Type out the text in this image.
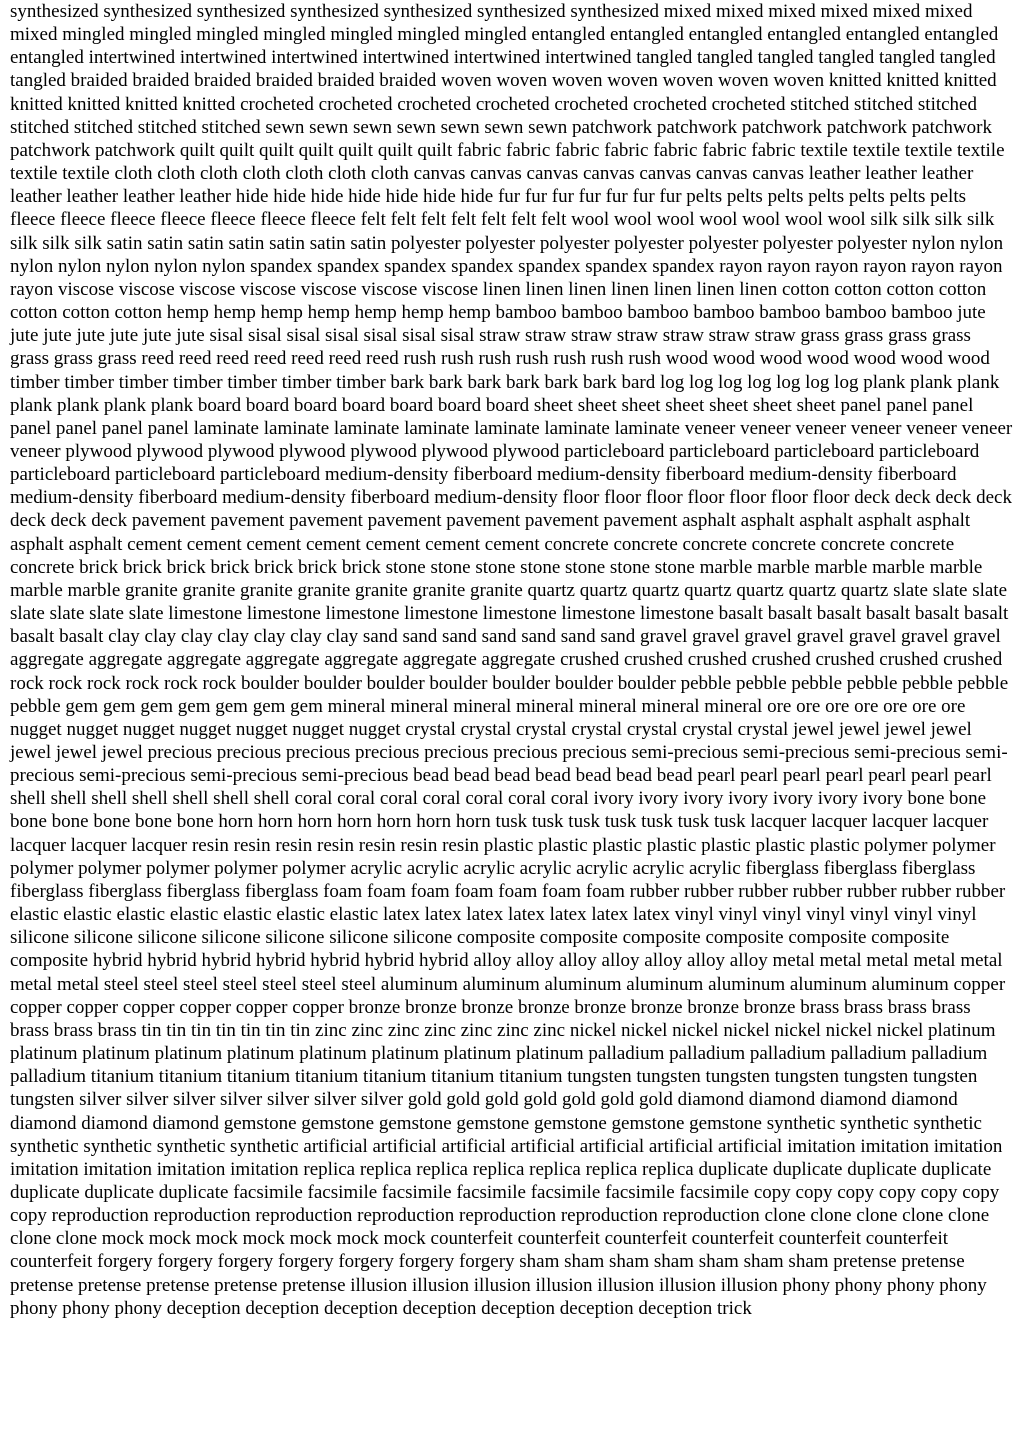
synthesized synthesized synthesized synthesized synthesized synthesized synthesized mixed mixed mixed mixed mixed mixed mixed mingled mingled mingled mingled mingled mingled mingled entangled entangled entangled entangled entangled entangled entangled intertwined intertwined intertwined intertwined intertwined intertwined tangled tangled tangled tangled tangled tangled tangled braided braided braided braided braided braided woven woven woven woven woven woven woven knitted knitted knitted knitted knitted knitted knitted crocheted crocheted crocheted crocheted crocheted crocheted crocheted stitched stitched stitched stitched stitched stitched stitched sewn sewn sewn sewn sewn sewn sewn patchwork patchwork patchwork patchwork patchwork patchwork patchwork quilt quilt quilt quilt quilt quilt quilt fabric fabric fabric fabric fabric fabric fabric textile textile textile textile textile textile cloth cloth cloth cloth cloth cloth cloth canvas canvas canvas canvas canvas canvas canvas leather leather leather leather leather leather leather hide hide hide hide hide hide hide fur fur fur fur fur fur fur pelts pelts pelts pelts pelts pelts pelts fleece fleece fleece fleece fleece fleece fleece felt felt felt felt felt felt felt wool wool wool wool wool wool wool silk silk silk silk silk silk silk satin satin satin satin satin satin satin polyester polyester polyester polyester polyester polyester polyester nylon nylon nylon nylon nylon nylon nylon spandex spandex spandex spandex spandex spandex spandex rayon rayon rayon rayon rayon rayon rayon viscose viscose viscose viscose viscose viscose viscose linen linen linen linen linen linen linen cotton cotton cotton cotton cotton cotton cotton hemp hemp hemp hemp hemp hemp hemp bamboo bamboo bamboo bamboo bamboo bamboo bamboo jute jute jute jute jute jute jute sisal sisal sisal sisal sisal sisal sisal straw straw straw straw straw straw straw grass grass grass grass grass grass grass reed reed reed reed reed reed reed rush rush rush rush rush rush rush wood wood wood wood wood wood wood timber timber timber timber timber timber timber bark bark bark bark bark bark bard log log log log log log log plank plank plank plank plank plank plank board board board board board board board sheet sheet sheet sheet sheet sheet sheet panel panel panel panel panel panel panel laminate laminate laminate laminate laminate laminate laminate veneer veneer veneer veneer veneer veneer veneer plywood plywood plywood plywood plywood plywood plywood particleboard particleboard particleboard particleboard particleboard particleboard particleboard medium-density fiberboard medium-density fiberboard medium-density fiberboard medium-density fiberboard medium-density fiberboard medium-density floor floor floor floor floor floor floor deck deck deck deck deck deck deck pavement pavement pavement pavement pavement pavement pavement asphalt asphalt asphalt asphalt asphalt asphalt asphalt cement cement cement cement cement cement cement concrete concrete concrete concrete concrete concrete concrete brick brick brick brick brick brick brick stone stone stone stone stone stone stone marble marble marble marble marble marble marble granite granite granite granite granite granite granite quartz quartz quartz quartz quartz quartz quartz slate slate slate slate slate slate slate limestone limestone limestone limestone limestone limestone limestone basalt basalt basalt basalt basalt basalt basalt basalt clay clay clay clay clay clay clay sand sand sand sand sand sand sand gravel gravel gravel gravel gravel gravel gravel aggregate aggregate aggregate aggregate aggregate aggregate aggregate crushed crushed crushed crushed crushed crushed crushed rock rock rock rock rock rock boulder boulder boulder boulder boulder boulder boulder pebble pebble pebble pebble pebble pebble pebble gem gem gem gem gem gem gem mineral mineral mineral mineral mineral mineral mineral ore ore ore ore ore ore ore nugget nugget nugget nugget nugget nugget nugget crystal crystal crystal crystal crystal crystal crystal jewel jewel jewel jewel jewel jewel jewel precious precious precious precious precious precious precious semi-precious semi-precious semi-precious semi-precious semi-precious semi-precious semi-precious bead bead bead bead bead bead bead pearl pearl pearl pearl pearl pearl pearl shell shell shell shell shell shell shell coral coral coral coral coral coral coral ivory ivory ivory ivory ivory ivory ivory bone bone bone bone bone bone bone horn horn horn horn horn horn horn tusk tusk tusk tusk tusk tusk tusk lacquer lacquer lacquer lacquer lacquer lacquer lacquer resin resin resin resin resin resin resin plastic plastic plastic plastic plastic plastic plastic polymer polymer polymer polymer polymer polymer polymer acrylic acrylic acrylic acrylic acrylic acrylic acrylic fiberglass fiberglass fiberglass fiberglass fiberglass fiberglass fiberglass foam foam foam foam foam foam foam rubber rubber rubber rubber rubber rubber rubber elastic elastic elastic elastic elastic elastic elastic latex latex latex latex latex latex latex vinyl vinyl vinyl vinyl vinyl vinyl vinyl silicone silicone silicone silicone silicone silicone silicone composite composite composite composite composite composite composite hybrid hybrid hybrid hybrid hybrid hybrid hybrid alloy alloy alloy alloy alloy alloy alloy metal metal metal metal metal metal metal steel steel steel steel steel steel steel aluminum aluminum aluminum aluminum aluminum aluminum aluminum copper copper copper copper copper copper copper bronze bronze bronze bronze bronze bronze bronze bronze brass brass brass brass brass brass brass tin tin tin tin tin tin tin zinc zinc zinc zinc zinc zinc zinc nickel nickel nickel nickel nickel nickel nickel platinum platinum platinum platinum platinum platinum platinum platinum platinum palladium palladium palladium palladium palladium palladium titanium titanium titanium titanium titanium titanium titanium tungsten tungsten tungsten tungsten tungsten tungsten tungsten silver silver silver silver silver silver silver gold gold gold gold gold gold gold diamond diamond diamond diamond diamond diamond diamond gemstone gemstone gemstone gemstone gemstone gemstone gemstone synthetic synthetic synthetic synthetic synthetic synthetic synthetic artificial artificial artificial artificial artificial artificial artificial imitation imitation imitation imitation imitation imitation imitation replica replica replica replica replica replica replica duplicate duplicate duplicate duplicate duplicate duplicate duplicate facsimile facsimile facsimile facsimile facsimile facsimile facsimile copy copy copy copy copy copy copy reproduction reproduction reproduction reproduction reproduction reproduction reproduction clone clone clone clone clone clone clone mock mock mock mock mock mock mock counterfeit counterfeit counterfeit counterfeit counterfeit counterfeit counterfeit forgery forgery forgery forgery forgery forgery forgery sham sham sham sham sham sham sham pretense pretense pretense pretense pretense pretense pretense illusion illusion illusion illusion illusion illusion illusion phony phony phony phony phony phony phony deception deception deception deception deception deception deception trick
